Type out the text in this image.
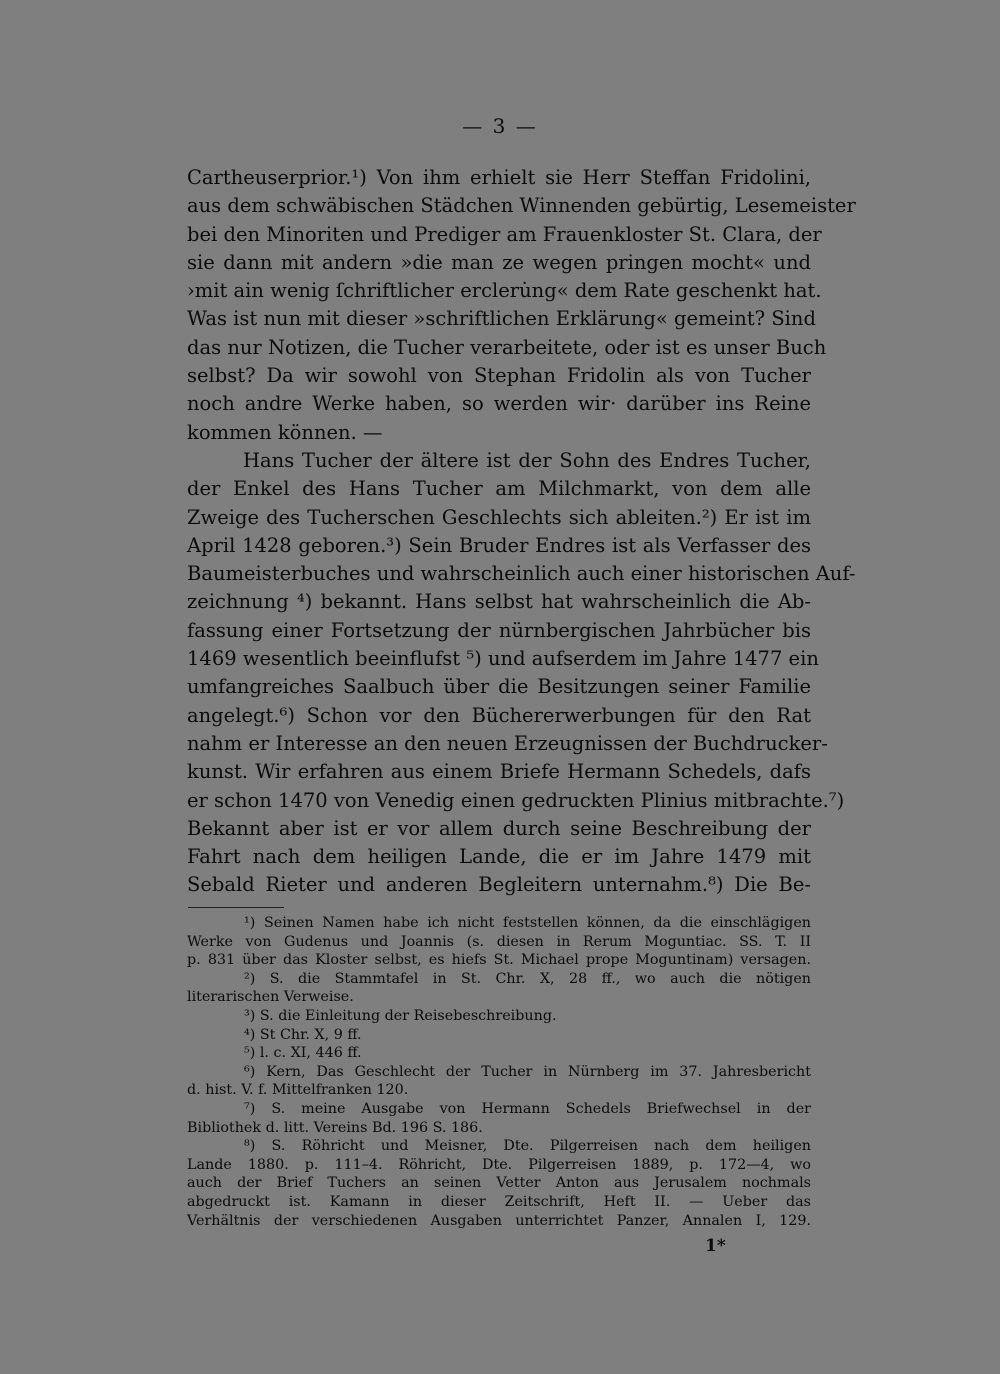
— 3 —
Cartheuserprior.¹) Von ihm erhielt sie Herr Steffan Fridolini,
aus dem schwäbischen Städchen Winnenden gebürtig, Lesemeister
bei den Minoriten und Prediger am Frauenkloster St. Clara, der
sie dann mit andern »die man ze wegen pringen mocht« und
›mit ain wenig ſchriftlicher ercleru̇ng« dem Rate geschenkt hat.
Was ist nun mit dieser »schriftlichen Erklärung« gemeint? Sind
das nur Notizen, die Tucher verarbeitete, oder ist es unser Buch
selbst? Da wir sowohl von Stephan Fridolin als von Tucher
noch andre Werke haben, so werden wir· darüber ins Reine
kommen können. —
Hans Tucher der ältere ist der Sohn des Endres Tucher,
der Enkel des Hans Tucher am Milchmarkt, von dem alle
Zweige des Tucherschen Geschlechts sich ableiten.²) Er ist im
April 1428 geboren.³) Sein Bruder Endres ist als Verfasser des
Baumeisterbuches und wahrscheinlich auch einer historischen Auf-
zeichnung ⁴) bekannt. Hans selbst hat wahrscheinlich die Ab-
fassung einer Fortsetzung der nürnbergischen Jahrbücher bis
1469 wesentlich beeinflufst ⁵) und aufserdem im Jahre 1477 ein
umfangreiches Saalbuch über die Besitzungen seiner Familie
angelegt.⁶) Schon vor den Büchererwerbungen für den Rat
nahm er Interesse an den neuen Erzeugnissen der Buchdrucker-
kunst. Wir erfahren aus einem Briefe Hermann Schedels, dafs
er schon 1470 von Venedig einen gedruckten Plinius mitbrachte.⁷)
Bekannt aber ist er vor allem durch seine Beschreibung der
Fahrt nach dem heiligen Lande, die er im Jahre 1479 mit
Sebald Rieter und anderen Begleitern unternahm.⁸) Die Be-
¹) Seinen Namen habe ich nicht feststellen können, da die einschlägigen
Werke von Gudenus und Joannis (s. diesen in Rerum Moguntiac. SS. T. II
p. 831 über das Kloster selbst, es hiefs St. Michael prope Moguntinam) versagen.
²) S. die Stammtafel in St. Chr. X, 28 ff., wo auch die nötigen
literarischen Verweise.
³) S. die Einleitung der Reisebeschreibung.
⁴) St Chr. X, 9 ff.
⁵) l. c. XI, 446 ff.
⁶) Kern, Das Geschlecht der Tucher in Nürnberg im 37. Jahresbericht
d. hist. V. f. Mittelfranken 120.
⁷) S. meine Ausgabe von Hermann Schedels Briefwechsel in der
Bibliothek d. litt. Vereins Bd. 196 S. 186.
⁸) S. Röhricht und Meisner, Dte. Pilgerreisen nach dem heiligen
Lande 1880. p. 111–4. Röhricht, Dte. Pilgerreisen 1889, p. 172—4, wo
auch der Brief Tuchers an seinen Vetter Anton aus Jerusalem nochmals
abgedruckt ist. Kamann in dieser Zeitschrift, Heft II. — Ueber das
Verhältnis der verschiedenen Ausgaben unterrichtet Panzer, Annalen I, 129.
1*
